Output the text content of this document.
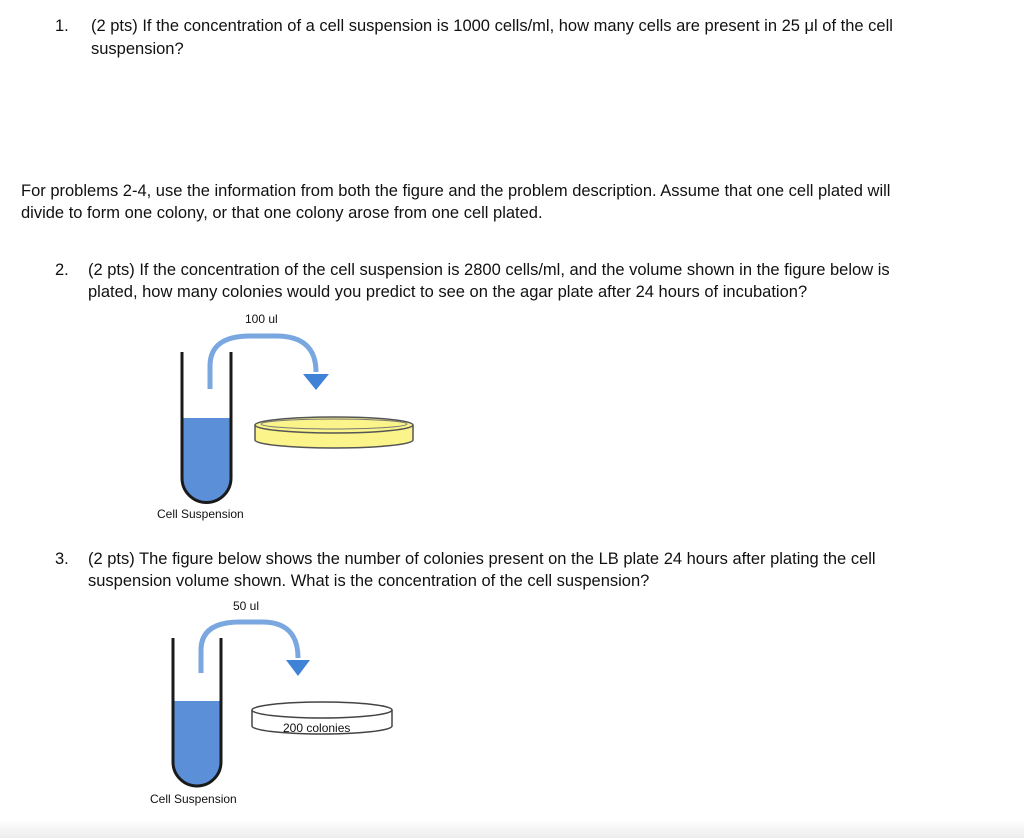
1. (2 pts) If the concentration of a cell suspension is 1000 cells/ml, how many cells are present in 25 μl of the cell
suspension?
For problems 2-4, use the information from both the figure and the problem description. Assume that one cell plated will
divide to form one colony, or that one colony arose from one cell plated.
2. (2 pts) If the concentration of the cell suspension is 2800 cells/ml, and the volume shown in the figure below is
plated, how many colonies would you predict to see on the agar plate after 24 hours of incubation?
100 ul
Cell Suspension
3. (2 pts) The figure below shows the number of colonies present on the LB plate 24 hours after plating the cell
suspension volume shown. What is the concentration of the cell suspension?
50 ul
200 colonies
Cell Suspension
